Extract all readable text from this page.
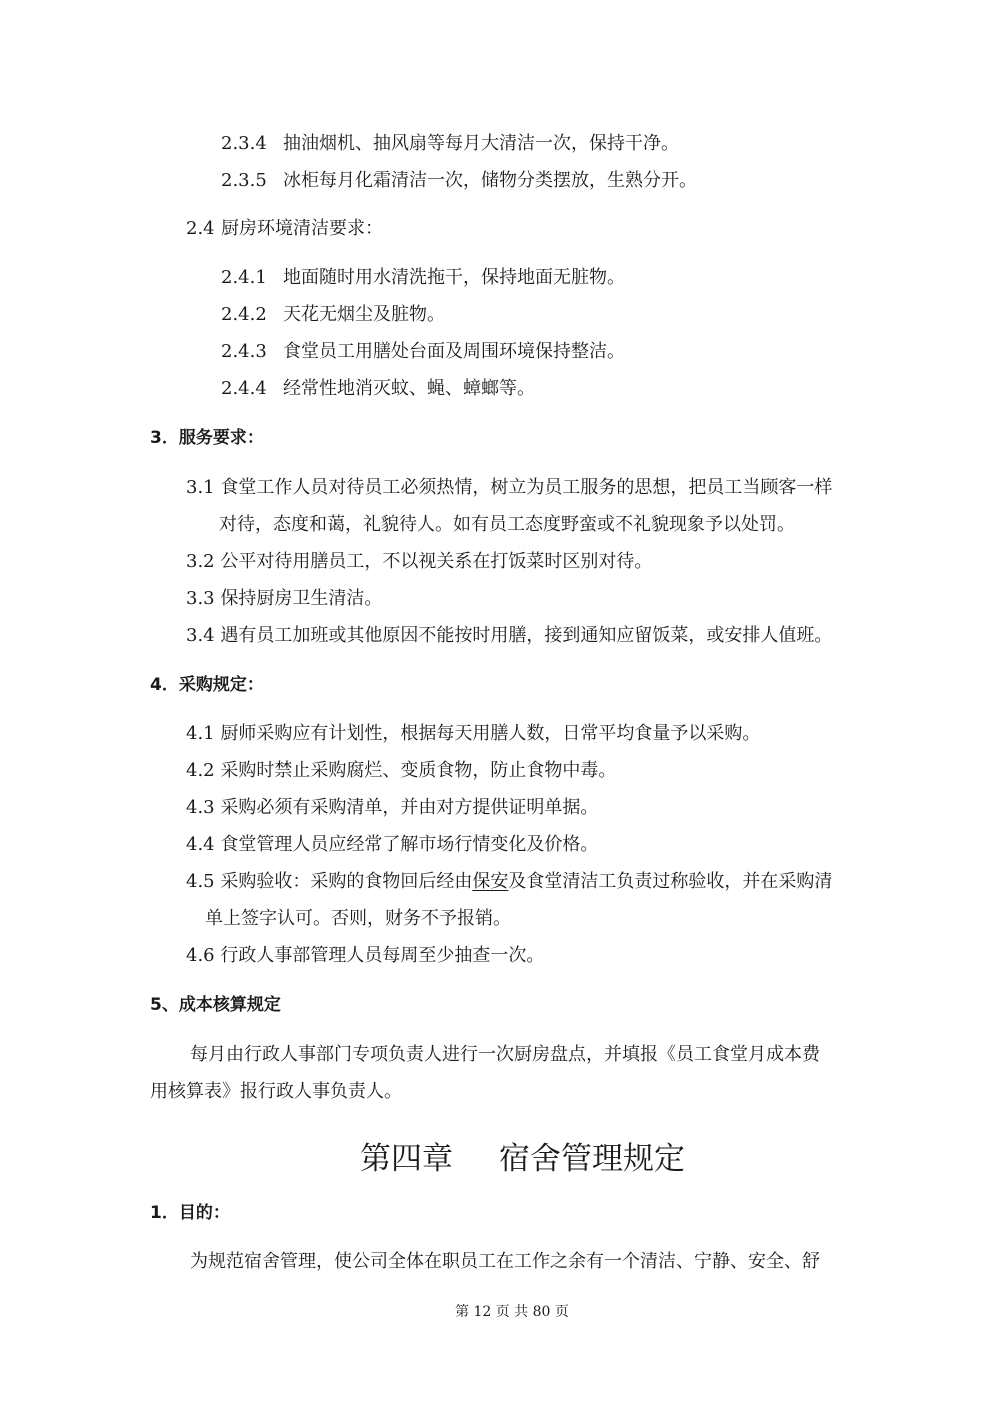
2.3.4 抽油烟机、抽风扇等每月大清洁一次，保持干净。
2.3.5 冰柜每月化霜清洁一次，储物分类摆放，生熟分开。
2.4 厨房环境清洁要求：
2.4.1 地面随时用水清洗拖干，保持地面无脏物。
2.4.2 天花无烟尘及脏物。
2.4.3 食堂员工用膳处台面及周围环境保持整洁。
2.4.4 经常性地消灭蚊、蝇、蟑螂等。
3．服务要求：
3.1 食堂工作人员对待员工必须热情，树立为员工服务的思想，把员工当顾客一样
对待，态度和蔼，礼貌待人。如有员工态度野蛮或不礼貌现象予以处罚。
3.2 公平对待用膳员工，不以视关系在打饭菜时区别对待。
3.3 保持厨房卫生清洁。
3.4 遇有员工加班或其他原因不能按时用膳，接到通知应留饭菜，或安排人值班。
4．采购规定：
4.1 厨师采购应有计划性，根据每天用膳人数，日常平均食量予以采购。
4.2 采购时禁止采购腐烂、变质食物，防止食物中毒。
4.3 采购必须有采购清单，并由对方提供证明单据。
4.4 食堂管理人员应经常了解市场行情变化及价格。
4.5 采购验收：采购的食物回后经由保安及食堂清洁工负责过称验收，并在采购清
单上签字认可。否则，财务不予报销。
4.6 行政人事部管理人员每周至少抽查一次。
5、成本核算规定
每月由行政人事部门专项负责人进行一次厨房盘点，并填报《员工食堂月成本费
用核算表》报行政人事负责人。
第四章 宿舍管理规定
1．目的：
为规范宿舍管理，使公司全体在职员工在工作之余有一个清洁、宁静、安全、舒
第 12 页 共 80 页
